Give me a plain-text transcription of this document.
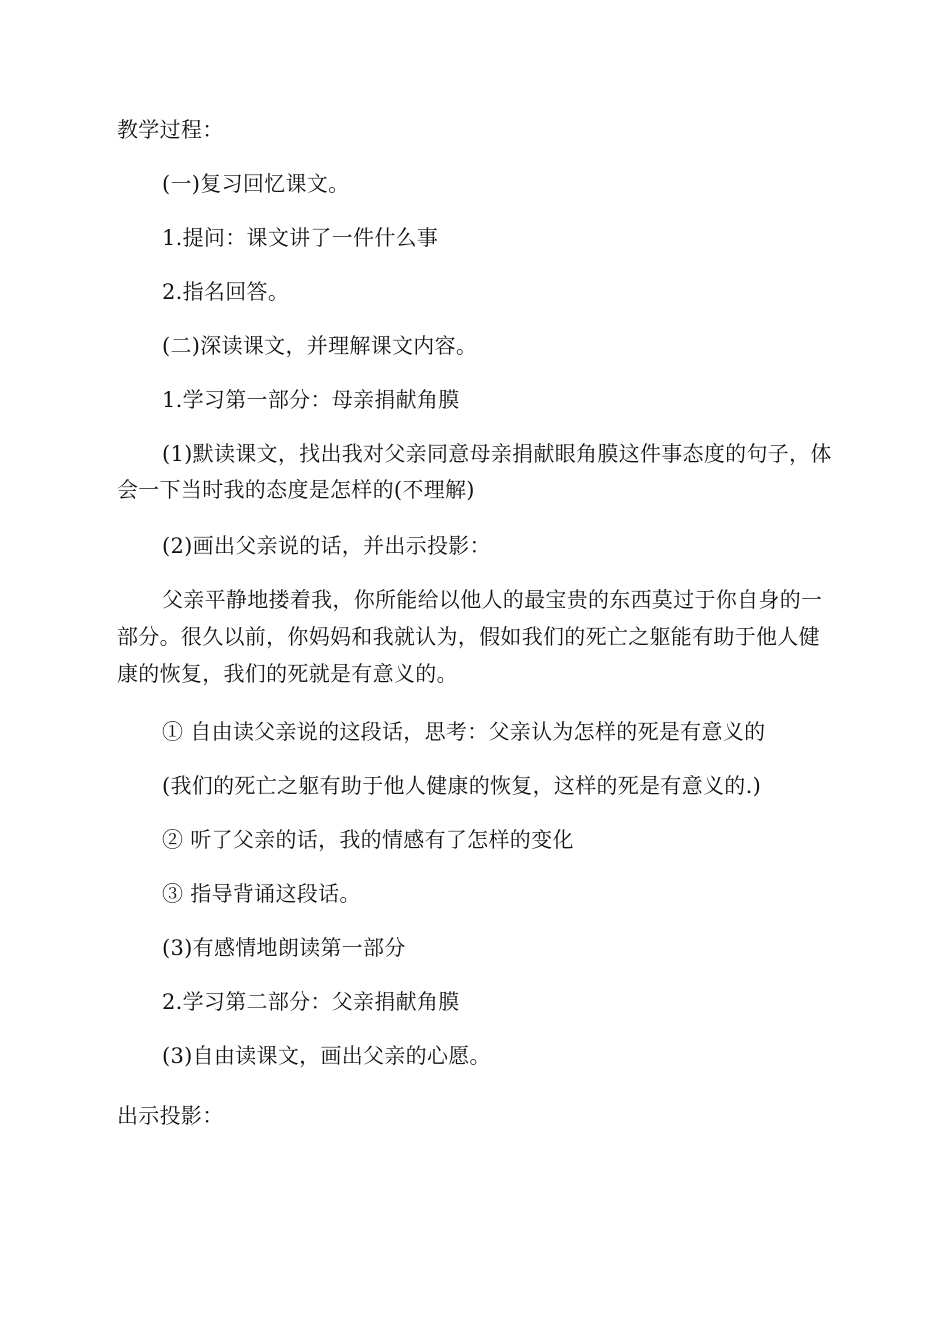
教学过程：
(一)复习回忆课文。
1.提问：课文讲了一件什么事
2.指名回答。
(二)深读课文，并理解课文内容。
1.学习第一部分：母亲捐献角膜
(1)默读课文，找出我对父亲同意母亲捐献眼角膜这件事态度的句子，体会一下当时我的态度是怎样的(不理解)
(2)画出父亲说的话，并出示投影：
父亲平静地搂着我，你所能给以他人的最宝贵的东西莫过于你自身的一部分。很久以前，你妈妈和我就认为，假如我们的死亡之躯能有助于他人健康的恢复，我们的死就是有意义的。
① 自由读父亲说的这段话，思考：父亲认为怎样的死是有意义的
(我们的死亡之躯有助于他人健康的恢复，这样的死是有意义的.)
② 听了父亲的话，我的情感有了怎样的变化
③ 指导背诵这段话。
(3)有感情地朗读第一部分
2.学习第二部分：父亲捐献角膜
(3)自由读课文，画出父亲的心愿。
出示投影：
